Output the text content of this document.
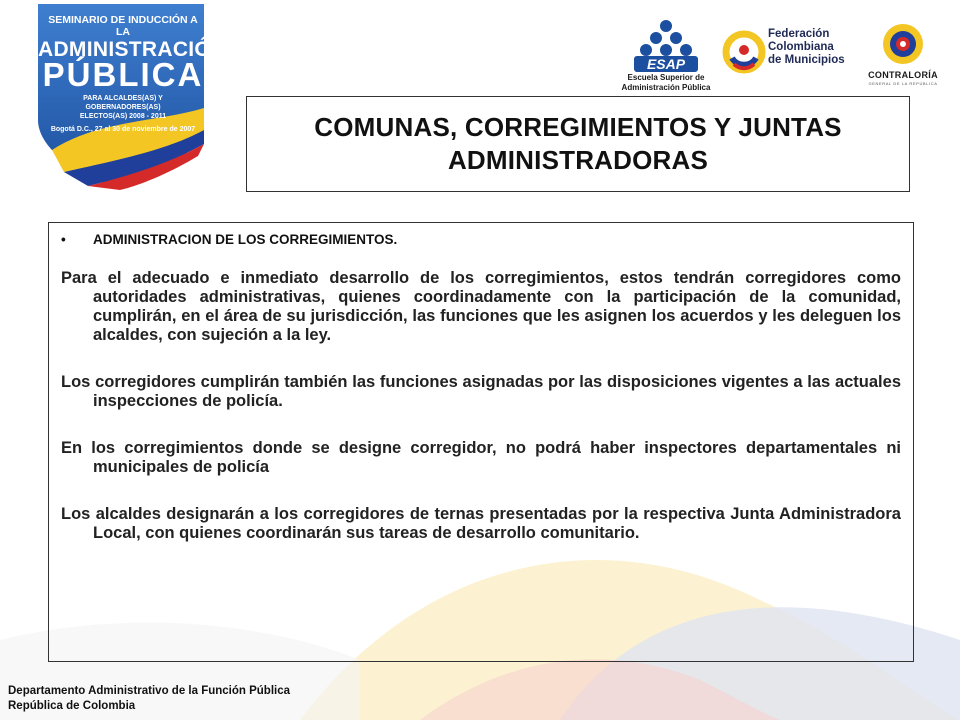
SEMINARIO DE INDUCCIÓN A LA
ADMINISTRACIÓN
PÚBLICA
PARA ALCALDES(AS) Y GOBERNADORES(AS)
ELECTOS(AS) 2008 - 2011
Bogotá D.C., 27 al 30 de noviembre de 2007
ESAP
Escuela Superior de
Administración Pública
Federación
Colombiana
de Municipios
CONTRALORÍA
GENERAL DE LA REPÚBLICA
COMUNAS, CORREGIMIENTOS Y JUNTAS
ADMINISTRADORAS
• ADMINISTRACION DE LOS CORREGIMIENTOS.

Para el adecuado e inmediato desarrollo de los corregimientos, estos tendrán corregidores como autoridades administrativas, quienes coordinadamente con la participación de la comunidad, cumplirán, en el área de su jurisdicción, las funciones que les asignen los acuerdos y les deleguen los alcaldes, con sujeción a la ley.

Los corregidores cumplirán también las funciones asignadas por las disposiciones vigentes a las actuales inspecciones de policía.

En los corregimientos donde se designe corregidor, no podrá haber inspectores departamentales ni municipales de policía

Los alcaldes designarán a los corregidores de ternas presentadas por la respectiva Junta Administradora Local, con quienes coordinarán sus tareas de desarrollo comunitario.

Departamento Administrativo de la Función Pública
República de Colombia
